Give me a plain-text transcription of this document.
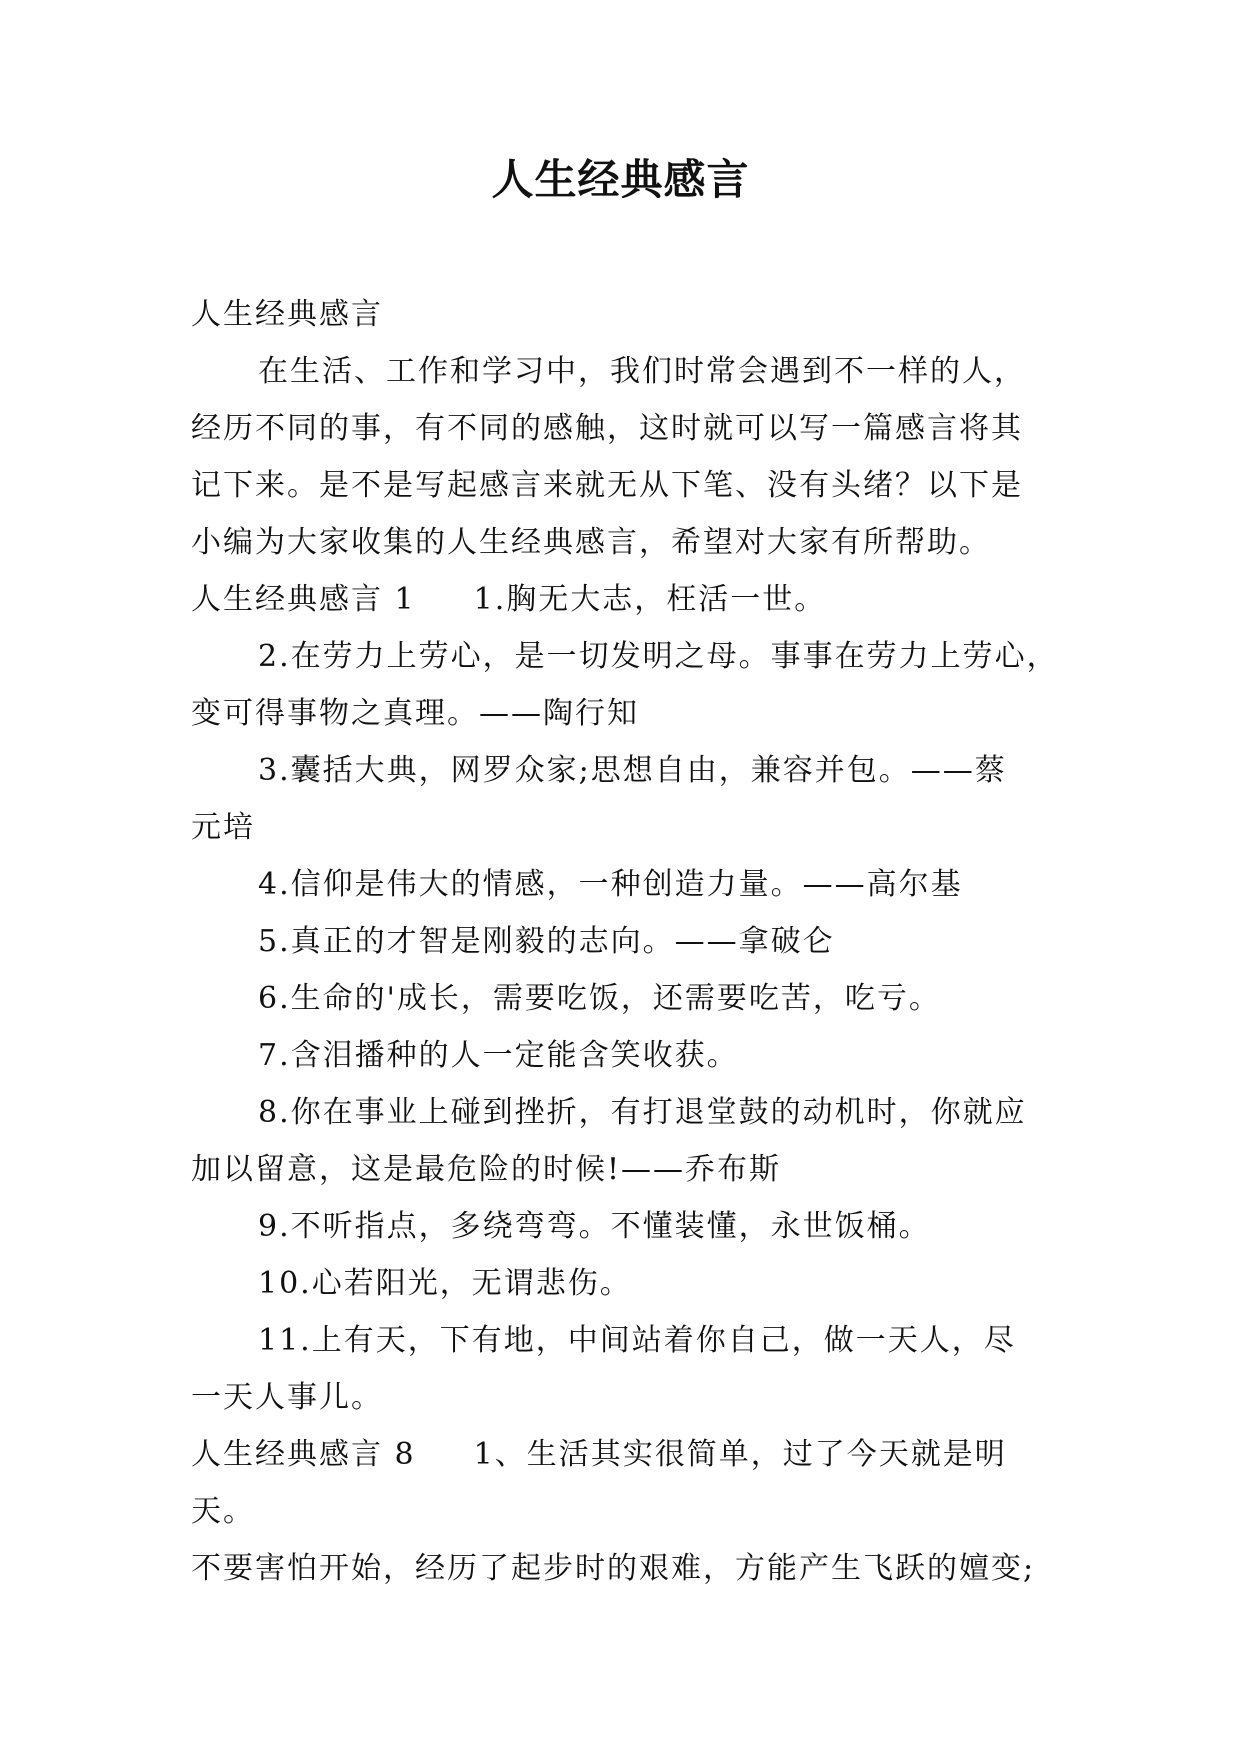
人生经典感言

人生经典感言

在生活、工作和学习中，我们时常会遇到不一样的人，

经历不同的事，有不同的感触，这时就可以写一篇感言将其

记下来。是不是写起感言来就无从下笔、没有头绪？以下是

小编为大家收集的人生经典感言，希望对大家有所帮助。

人生经典感言 1 1.胸无大志，枉活一世。

2.在劳力上劳心，是一切发明之母。事事在劳力上劳心，

变可得事物之真理。——陶行知

3.囊括大典，网罗众家;思想自由，兼容并包。——蔡

元培

4.信仰是伟大的情感，一种创造力量。——高尔基

5.真正的才智是刚毅的志向。——拿破仑

6.生命的'成长，需要吃饭，还需要吃苦，吃亏。

7.含泪播种的人一定能含笑收获。

8.你在事业上碰到挫折，有打退堂鼓的动机时，你就应

加以留意，这是最危险的时候!——乔布斯

9.不听指点，多绕弯弯。不懂装懂，永世饭桶。

10.心若阳光，无谓悲伤。

11.上有天，下有地，中间站着你自己，做一天人，尽

一天人事儿。

人生经典感言 8 1、生活其实很简单，过了今天就是明天。

不要害怕开始，经历了起步时的艰难，方能产生飞跃的嬗变;
